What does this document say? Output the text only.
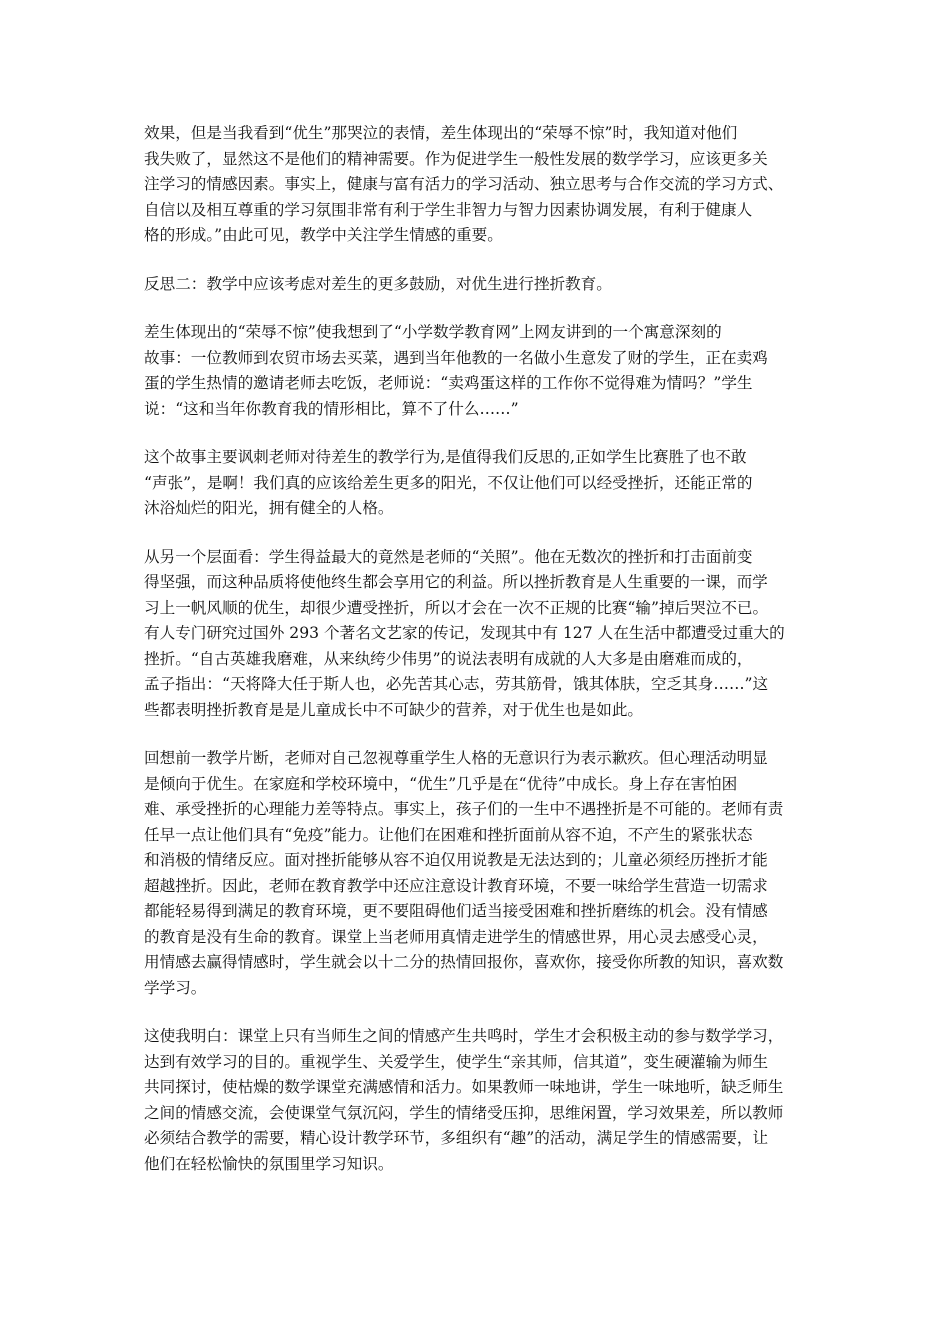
效果，但是当我看到“优生”那哭泣的表情，差生体现出的“荣辱不惊”时，我知道对他们
我失败了，显然这不是他们的精神需要。作为促进学生一般性发展的数学学习，应该更多关
注学习的情感因素。事实上，健康与富有活力的学习活动、独立思考与合作交流的学习方式、
自信以及相互尊重的学习氛围非常有利于学生非智力与智力因素协调发展，有利于健康人
格的形成。”由此可见，教学中关注学生情感的重要。

反思二：教学中应该考虑对差生的更多鼓励，对优生进行挫折教育。

差生体现出的“荣辱不惊”使我想到了“小学数学教育网”上网友讲到的一个寓意深刻的
故事：一位教师到农贸市场去买菜，遇到当年他教的一名做小生意发了财的学生，正在卖鸡
蛋的学生热情的邀请老师去吃饭，老师说：“卖鸡蛋这样的工作你不觉得难为情吗？”学生
说：“这和当年你教育我的情形相比，算不了什么……”

这个故事主要讽刺老师对待差生的教学行为,是值得我们反思的,正如学生比赛胜了也不敢
“声张”，是啊！我们真的应该给差生更多的阳光，不仅让他们可以经受挫折，还能正常的
沐浴灿烂的阳光，拥有健全的人格。

从另一个层面看：学生得益最大的竟然是老师的“关照”。他在无数次的挫折和打击面前变
得坚强，而这种品质将使他终生都会享用它的利益。所以挫折教育是人生重要的一课，而学
习上一帆风顺的优生，却很少遭受挫折，所以才会在一次不正规的比赛“输”掉后哭泣不已。
有人专门研究过国外 293 个著名文艺家的传记，发现其中有 127 人在生活中都遭受过重大的
挫折。“自古英雄我磨难，从来纨绔少伟男”的说法表明有成就的人大多是由磨难而成的，
孟子指出：“天将降大任于斯人也，必先苦其心志，劳其筋骨，饿其体肤，空乏其身……”这
些都表明挫折教育是是儿童成长中不可缺少的营养，对于优生也是如此。

回想前一教学片断，老师对自己忽视尊重学生人格的无意识行为表示歉疚。但心理活动明显
是倾向于优生。在家庭和学校环境中，“优生”几乎是在“优待”中成长。身上存在害怕困
难、承受挫折的心理能力差等特点。事实上，孩子们的一生中不遇挫折是不可能的。老师有责
任早一点让他们具有“免疫”能力。让他们在困难和挫折面前从容不迫，不产生的紧张状态
和消极的情绪反应。面对挫折能够从容不迫仅用说教是无法达到的；儿童必须经历挫折才能
超越挫折。因此，老师在教育教学中还应注意设计教育环境，不要一味给学生营造一切需求
都能轻易得到满足的教育环境，更不要阻碍他们适当接受困难和挫折磨练的机会。没有情感
的教育是没有生命的教育。课堂上当老师用真情走进学生的情感世界，用心灵去感受心灵，
用情感去赢得情感时，学生就会以十二分的热情回报你，喜欢你，接受你所教的知识，喜欢数
学学习。

这使我明白：课堂上只有当师生之间的情感产生共鸣时，学生才会积极主动的参与数学学习，
达到有效学习的目的。重视学生、关爱学生，使学生“亲其师，信其道”，变生硬灌输为师生
共同探讨，使枯燥的数学课堂充满感情和活力。如果教师一味地讲，学生一味地听，缺乏师生
之间的情感交流，会使课堂气氛沉闷，学生的情绪受压抑，思维闲置，学习效果差，所以教师
必须结合教学的需要，精心设计教学环节，多组织有“趣”的活动，满足学生的情感需要，让
他们在轻松愉快的氛围里学习知识。
